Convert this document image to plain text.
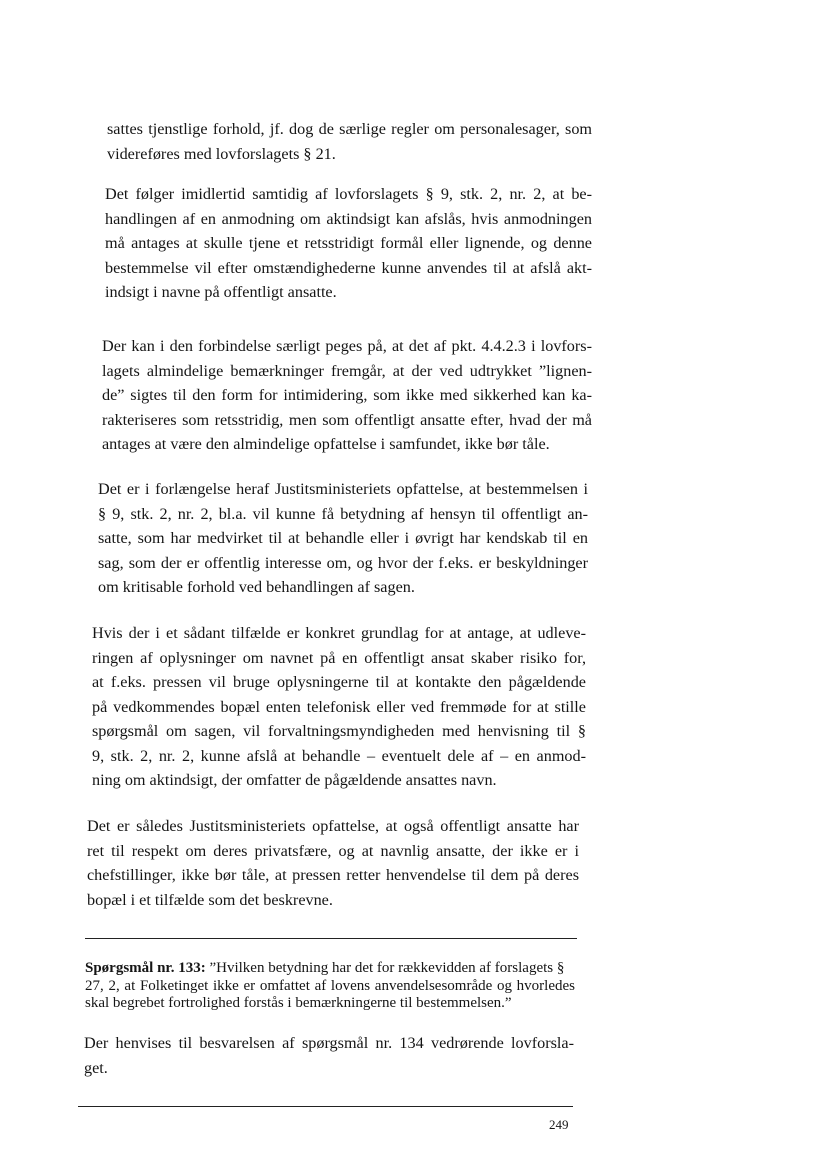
sattes tjenstlige forhold, jf. dog de særlige regler om personalesager, som
videreføres med lovforslagets § 21.
Det følger imidlertid samtidig af lovforslagets § 9, stk. 2, nr. 2, at be-
handlingen af en anmodning om aktindsigt kan afslås, hvis anmodningen
må antages at skulle tjene et retsstridigt formål eller lignende, og denne
bestemmelse vil efter omstændighederne kunne anvendes til at afslå akt-
indsigt i navne på offentligt ansatte.
Der kan i den forbindelse særligt peges på, at det af pkt. 4.4.2.3 i lovfors-
lagets almindelige bemærkninger fremgår, at der ved udtrykket ”lignen-
de” sigtes til den form for intimidering, som ikke med sikkerhed kan ka-
rakteriseres som retsstridig, men som offentligt ansatte efter, hvad der må
antages at være den almindelige opfattelse i samfundet, ikke bør tåle.
Det er i forlængelse heraf Justitsministeriets opfattelse, at bestemmelsen i
§ 9, stk. 2, nr. 2, bl.a. vil kunne få betydning af hensyn til offentligt an-
satte, som har medvirket til at behandle eller i øvrigt har kendskab til en
sag, som der er offentlig interesse om, og hvor der f.eks. er beskyldninger
om kritisable forhold ved behandlingen af sagen.
Hvis der i et sådant tilfælde er konkret grundlag for at antage, at udleve-
ringen af oplysninger om navnet på en offentligt ansat skaber risiko for,
at f.eks. pressen vil bruge oplysningerne til at kontakte den pågældende
på vedkommendes bopæl enten telefonisk eller ved fremmøde for at stille
spørgsmål om sagen, vil forvaltningsmyndigheden med henvisning til §
9, stk. 2, nr. 2, kunne afslå at behandle – eventuelt dele af – en anmod-
ning om aktindsigt, der omfatter de pågældende ansattes navn.
Det er således Justitsministeriets opfattelse, at også offentligt ansatte har
ret til respekt om deres privatsfære, og at navnlig ansatte, der ikke er i
chefstillinger, ikke bør tåle, at pressen retter henvendelse til dem på deres
bopæl i et tilfælde som det beskrevne.
Spørgsmål nr. 133: ”Hvilken betydning har det for rækkevidden af forslagets §
27, 2, at Folketinget ikke er omfattet af lovens anvendelsesområde og hvorledes
skal begrebet fortrolighed forstås i bemærkningerne til bestemmelsen.”
Der henvises til besvarelsen af spørgsmål nr. 134 vedrørende lovforsla-
get.
249
